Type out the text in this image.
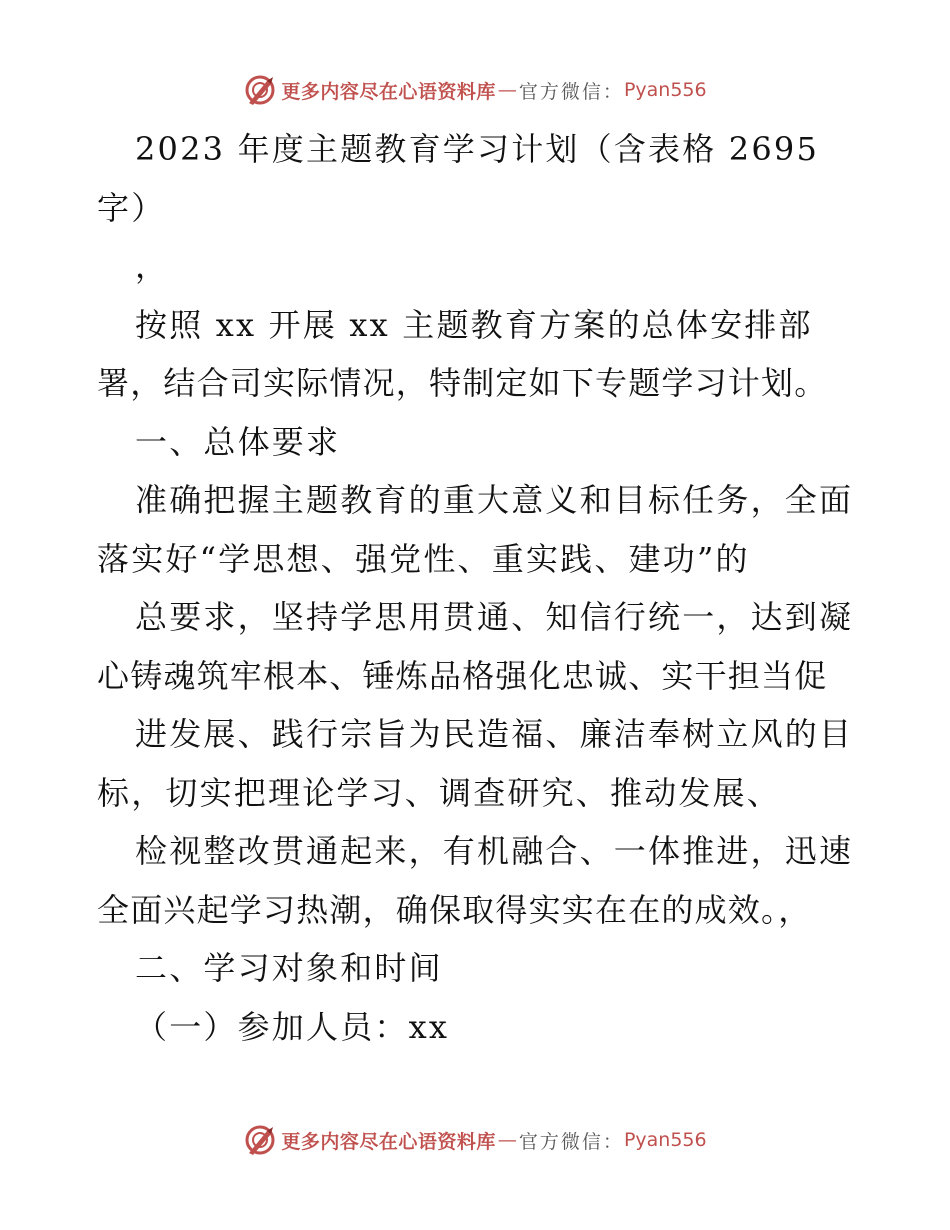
更多内容尽在心语资料库 — 官方微信： Pyan556
2023 年度主题教育学习计划（含表格 2695
字）
，
按照 xx 开展 xx 主题教育方案的总体安排部
署，结合司实际情况，特制定如下专题学习计划。
一、总体要求
准确把握主题教育的重大意义和目标任务，全面
落实好“学思想、强党性、重实践、建功”的
总要求，坚持学思用贯通、知信行统一，达到凝
心铸魂筑牢根本、锤炼品格强化忠诚、实干担当促
进发展、践行宗旨为民造福、廉洁奉树立风的目
标，切实把理论学习、调查研究、推动发展、
检视整改贯通起来，有机融合、一体推进，迅速
全面兴起学习热潮，确保取得实实在在的成效。，
二、学习对象和时间
（一）参加人员：xx
更多内容尽在心语资料库 — 官方微信： Pyan556
